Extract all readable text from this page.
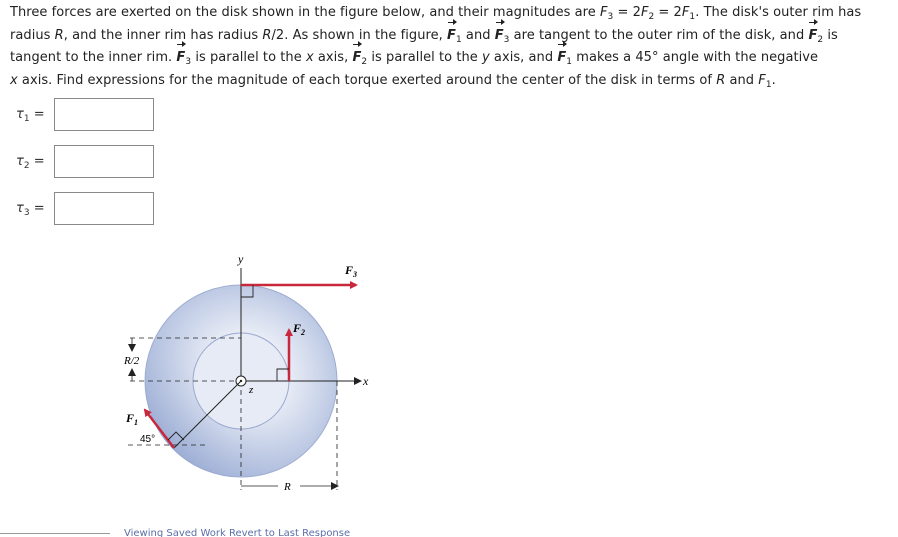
Three forces are exerted on the disk shown in the figure below, and their magnitudes are $F_3 = 2F_2 = 2F_1$. The disk's outer rim has
radius R, and the inner rim has radius R/2. As shown in the figure, $F_1$ and $F_3$ are tangent to the outer rim of the disk, and $F_2$ is
tangent to the inner rim. $F_3$ is parallel to the x axis, $F_2$ is parallel to the y axis, and $F_1$ makes a 45° angle with the negative
x axis. Find expressions for the magnitude of each torque exerted around the center of the disk in terms of R and $F_1$.
$\tau_1$ =
$\tau_2$ =
$\tau_3$ =
y
x
z
R/2
R
$F_3$
$F_2$
$F_1$
45°
Viewing Saved Work Revert to Last Response
